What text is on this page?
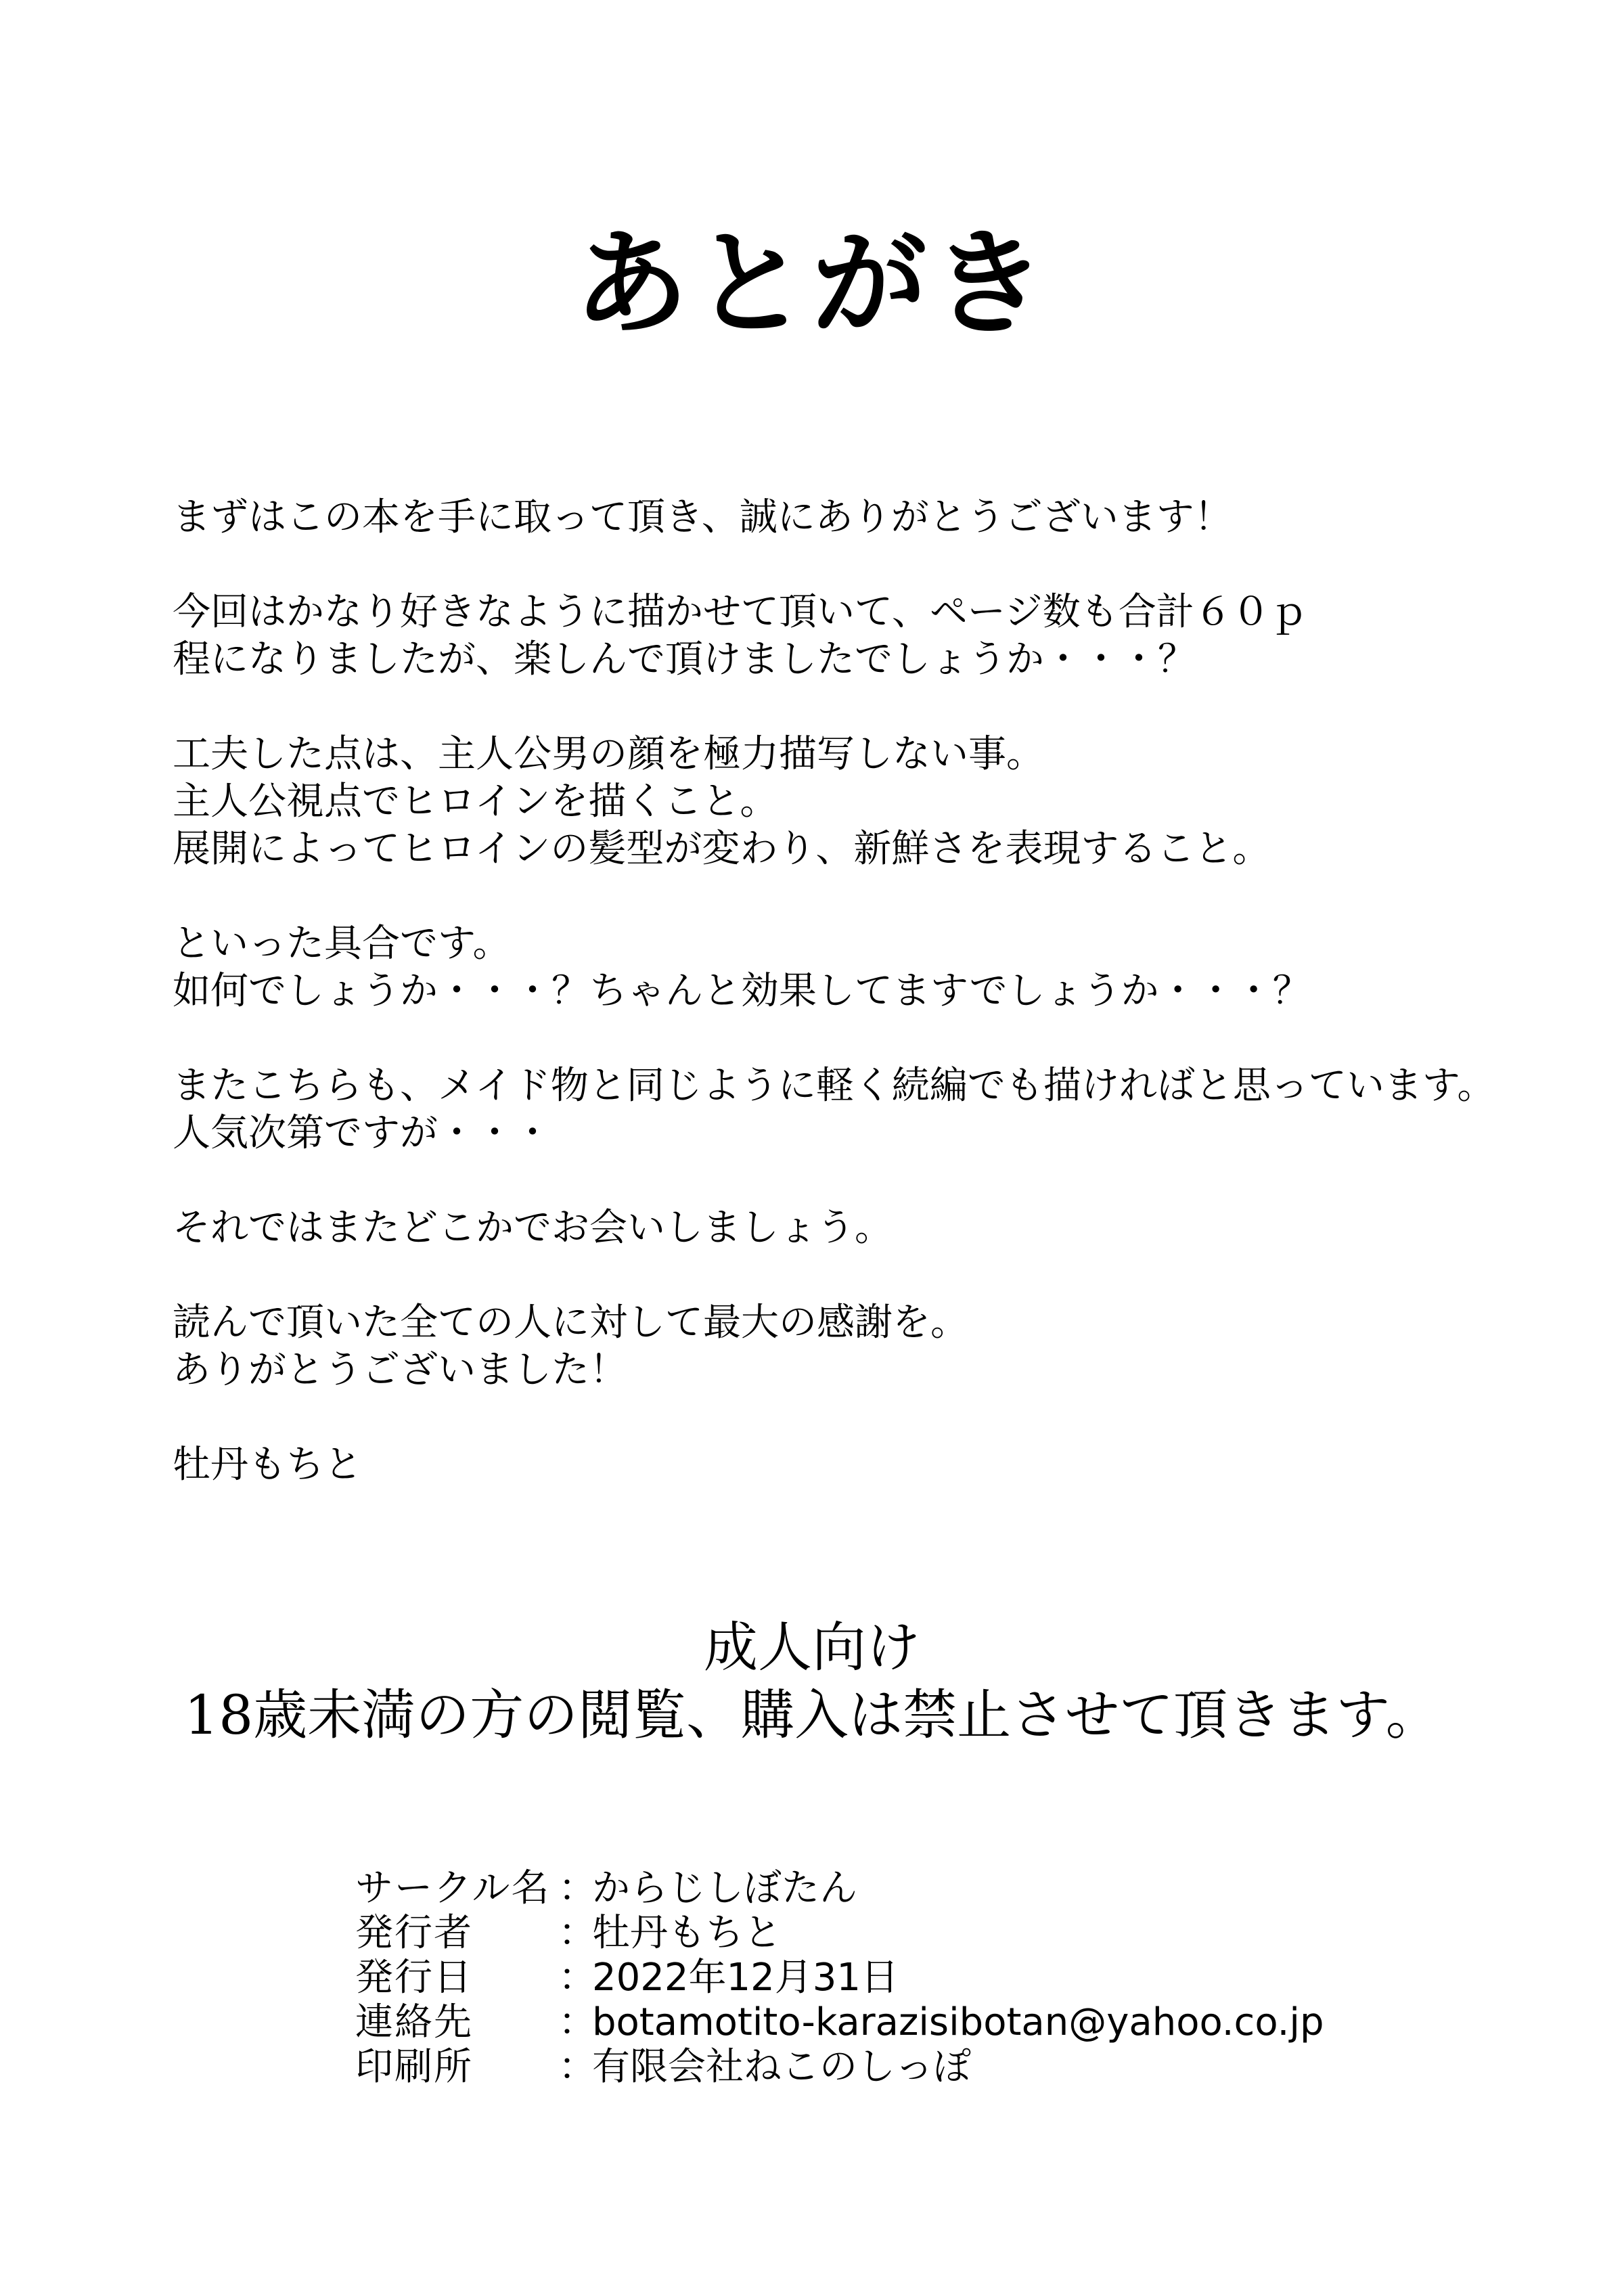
あとがき

まずはこの本を手に取って頂き、誠にありがとうございます！

今回はかなり好きなように描かせて頂いて、ページ数も合計６０ｐ
程になりましたが、楽しんで頂けましたでしょうか・・・？

工夫した点は、主人公男の顔を極力描写しない事。
主人公視点でヒロインを描くこと。
展開によってヒロインの髪型が変わり、新鮮さを表現すること。

といった具合です。
如何でしょうか・・・？ちゃんと効果してますでしょうか・・・？

またこちらも、メイド物と同じように軽く続編でも描ければと思っています。
人気次第ですが・・・

それではまたどこかでお会いしましょう。

読んで頂いた全ての人に対して最大の感謝を。
ありがとうございました！

牡丹もちと

成人向け
18歳未満の方の閲覧、購入は禁止させて頂きます。
サークル名 ：
からじしぼたん
発行者	：
牡丹もちと
発行日	：
2022年12月31日
連絡先	：
botamotito-karazisibotan@yahoo.co.jp
印刷所	：
有限会社ねこのしっぽ
